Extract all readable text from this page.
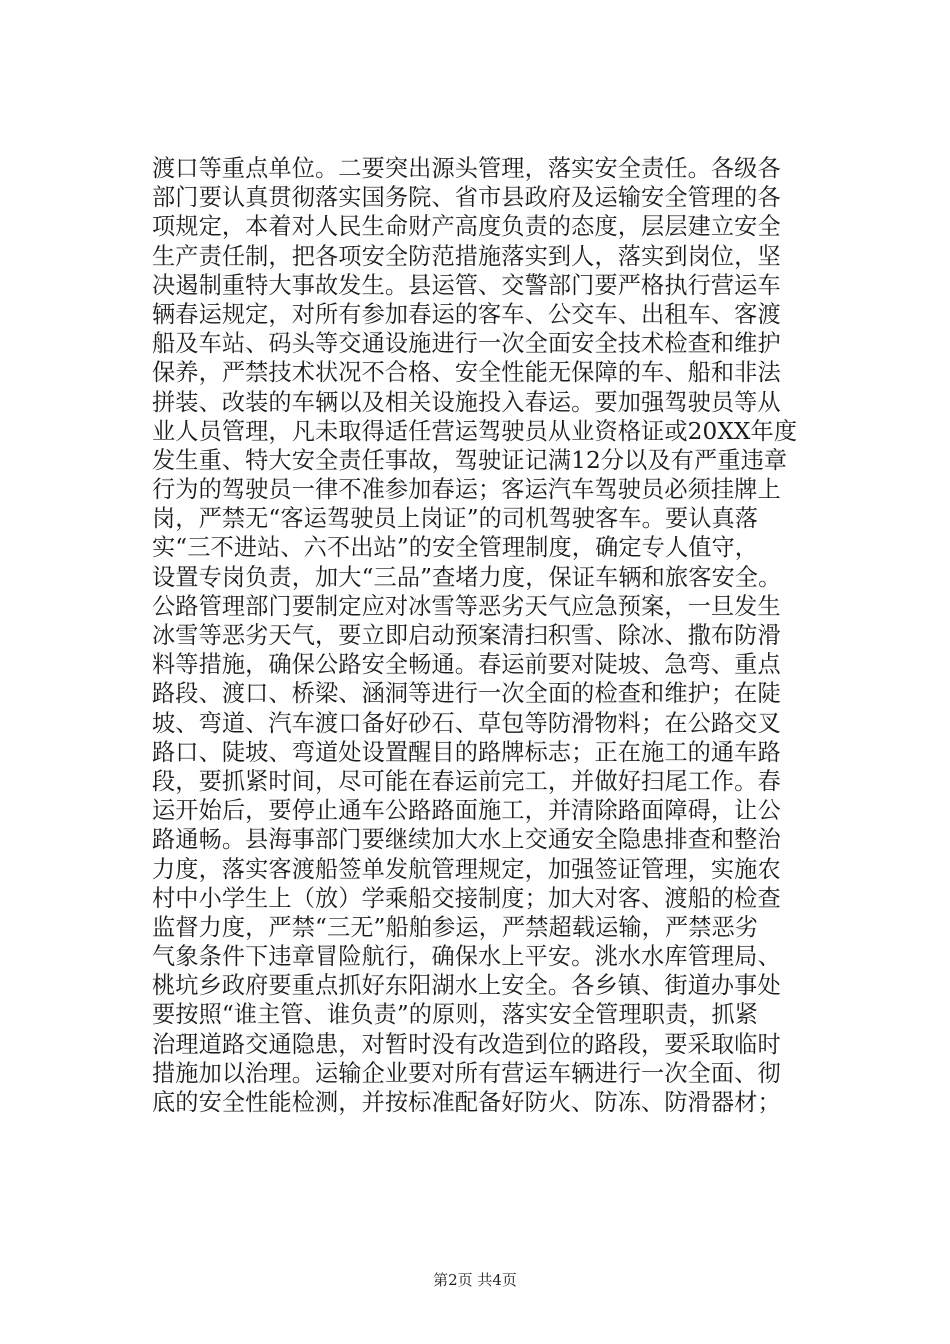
渡口等重点单位。二要突出源头管理，落实安全责任。各级各
部门要认真贯彻落实国务院、省市县政府及运输安全管理的各
项规定，本着对人民生命财产高度负责的态度，层层建立安全
生产责任制，把各项安全防范措施落实到人，落实到岗位，坚
决遏制重特大事故发生。县运管、交警部门要严格执行营运车
辆春运规定，对所有参加春运的客车、公交车、出租车、客渡
船及车站、码头等交通设施进行一次全面安全技术检查和维护
保养，严禁技术状况不合格、安全性能无保障的车、船和非法
拼装、改装的车辆以及相关设施投入春运。要加强驾驶员等从
业人员管理，凡未取得适任营运驾驶员从业资格证或20XX年度
发生重、特大安全责任事故，驾驶证记满12分以及有严重违章
行为的驾驶员一律不准参加春运；客运汽车驾驶员必须挂牌上
岗，严禁无“客运驾驶员上岗证”的司机驾驶客车。要认真落
实“三不进站、六不出站”的安全管理制度，确定专人值守，
设置专岗负责，加大“三品”查堵力度，保证车辆和旅客安全。
公路管理部门要制定应对冰雪等恶劣天气应急预案，一旦发生
冰雪等恶劣天气，要立即启动预案清扫积雪、除冰、撒布防滑
料等措施，确保公路安全畅通。春运前要对陡坡、急弯、重点
路段、渡口、桥梁、涵洞等进行一次全面的检查和维护；在陡
坡、弯道、汽车渡口备好砂石、草包等防滑物料；在公路交叉
路口、陡坡、弯道处设置醒目的路牌标志；正在施工的通车路
段，要抓紧时间，尽可能在春运前完工，并做好扫尾工作。春
运开始后，要停止通车公路路面施工，并清除路面障碍，让公
路通畅。县海事部门要继续加大水上交通安全隐患排查和整治
力度，落实客渡船签单发航管理规定，加强签证管理，实施农
村中小学生上（放）学乘船交接制度；加大对客、渡船的检查
监督力度，严禁“三无”船舶参运，严禁超载运输，严禁恶劣
气象条件下违章冒险航行，确保水上平安。洮水水库管理局、
桃坑乡政府要重点抓好东阳湖水上安全。各乡镇、街道办事处
要按照“谁主管、谁负责”的原则，落实安全管理职责，抓紧
治理道路交通隐患，对暂时没有改造到位的路段，要采取临时
措施加以治理。运输企业要对所有营运车辆进行一次全面、彻
底的安全性能检测，并按标准配备好防火、防冻、防滑器材；
第2页 共4页
